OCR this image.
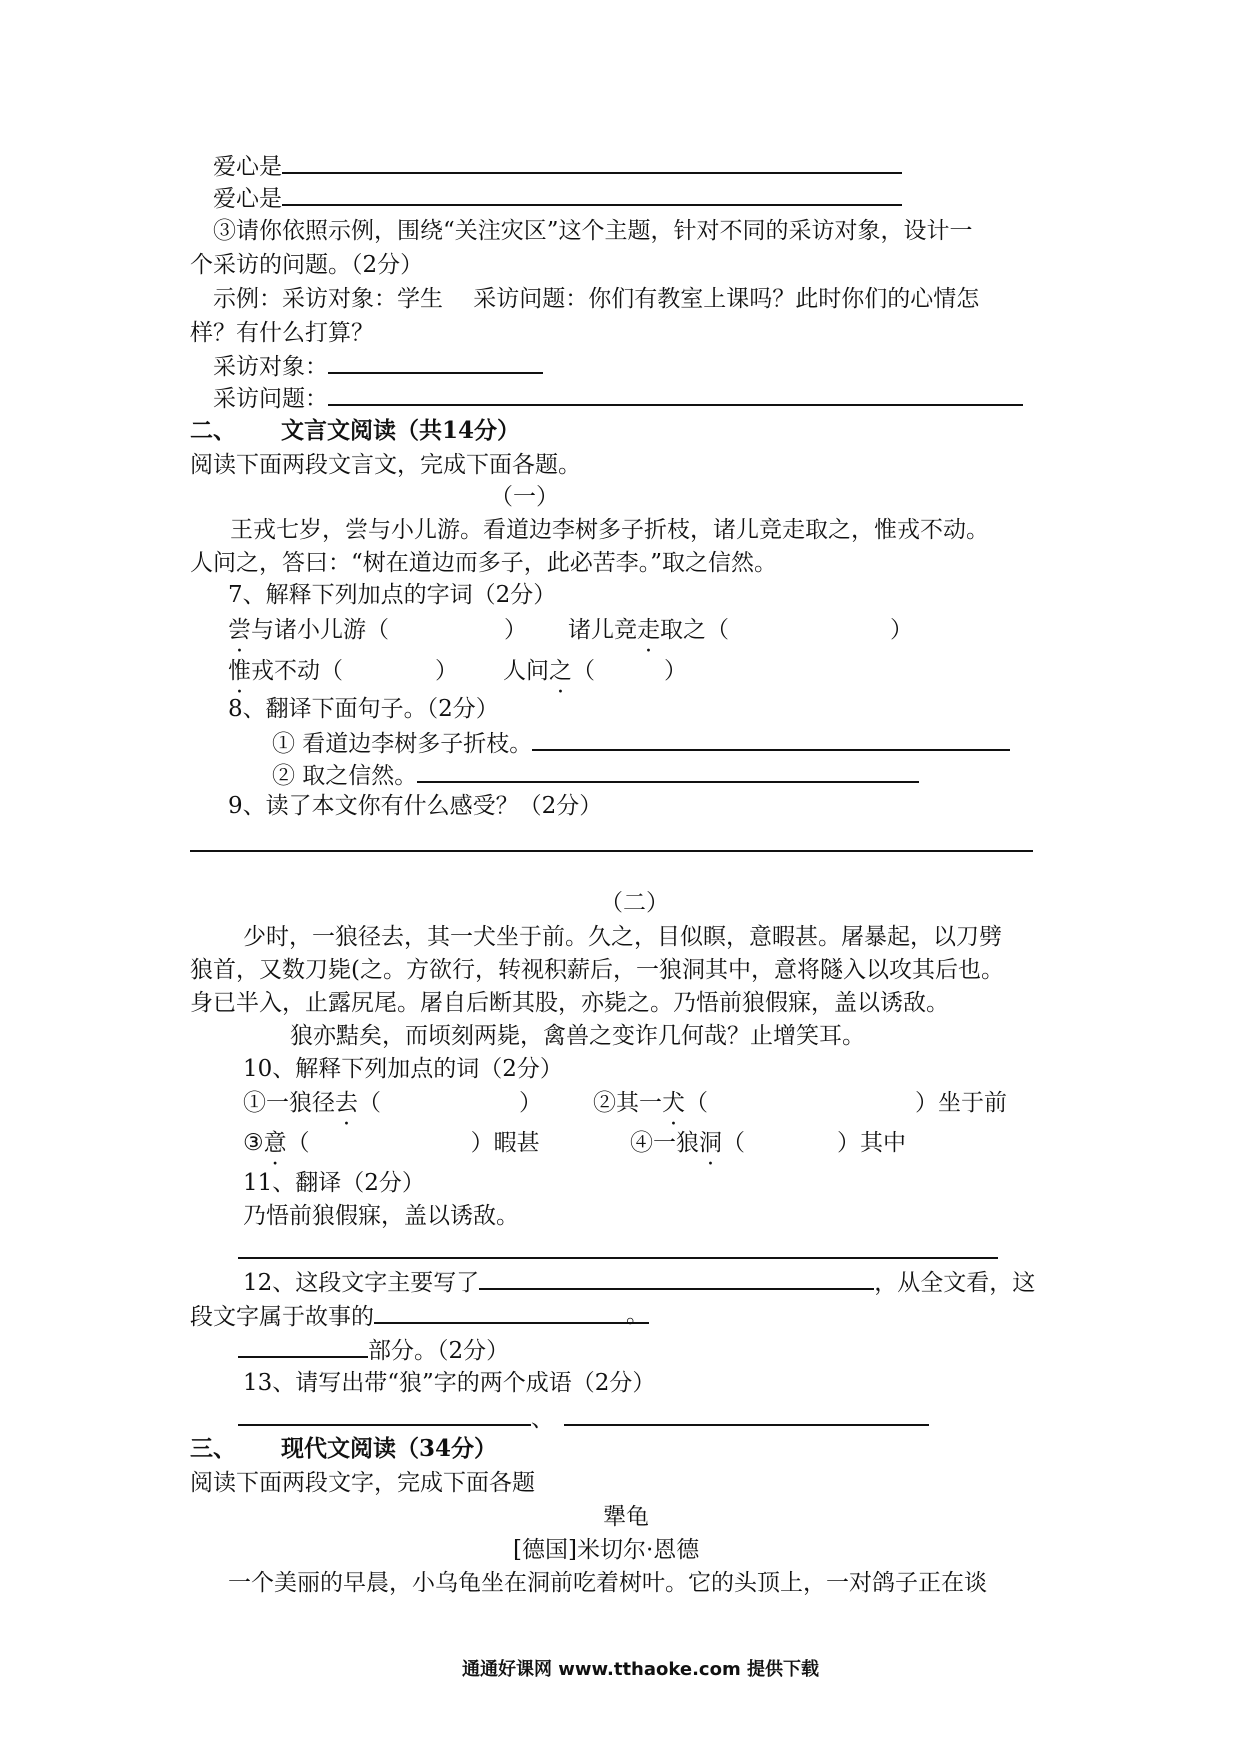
爱心是
爱心是
③请你依照示例，围绕“关注灾区”这个主题，针对不同的采访对象，设计一
个采访的问题。（2分）
示例：采访对象：学生　 采访问题：你们有教室上课吗？此时你们的心情怎
样？有什么打算？
采访对象：
采访问题：
二、 文言文阅读（共14分）
阅读下面两段文言文，完成下面各题。
（一）
王戎七岁，尝与小儿游。看道边李树多子折枝，诸儿竞走取之，惟戎不动。
人问之，答曰：“树在道边而多子，此必苦李。”取之信然。
7、解释下列加点的字词（2分）
尝与诸小儿游（　　　　　） 诸儿竞走取之（　　　　　　　）
惟戎不动（　　　　） 人问之（　　　）
8、翻译下面句子。（2分）
① 看道边李树多子折枝。
② 取之信然。
9、读了本文你有什么感受？（2分）
（二）
少时，一狼径去，其一犬坐于前。久之，目似瞑，意暇甚。屠暴起，以刀劈
狼首，又数刀毙(之。方欲行，转视积薪后，一狼洞其中，意将隧入以攻其后也。
身已半入，止露尻尾。屠自后断其股，亦毙之。乃悟前狼假寐，盖以诱敌。
狼亦黠矣，而顷刻两毙，禽兽之变诈几何哉？止增笑耳。
10、解释下列加点的词（2分）
①一狼径去（　　　　　　） ②其一犬（　　　　　　　　　）坐于前
③意（　　　　　　　）暇甚	④一狼洞（　　　　）其中
11、翻译（2分）
乃悟前狼假寐，盖以诱敌。
12、这段文字主要写了	，从全文看，这
段文字属于故事的	。
部分。（2分）
13、请写出带“狼”字的两个成语（2分）
、
三、 现代文阅读（34分）
阅读下面两段文字，完成下面各题
犟龟
[德国]米切尔·恩德
一个美丽的早晨，小乌龟坐在洞前吃着树叶。它的头顶上，一对鸽子正在谈
通通好课网 www.tthaoke.com 提供下载
